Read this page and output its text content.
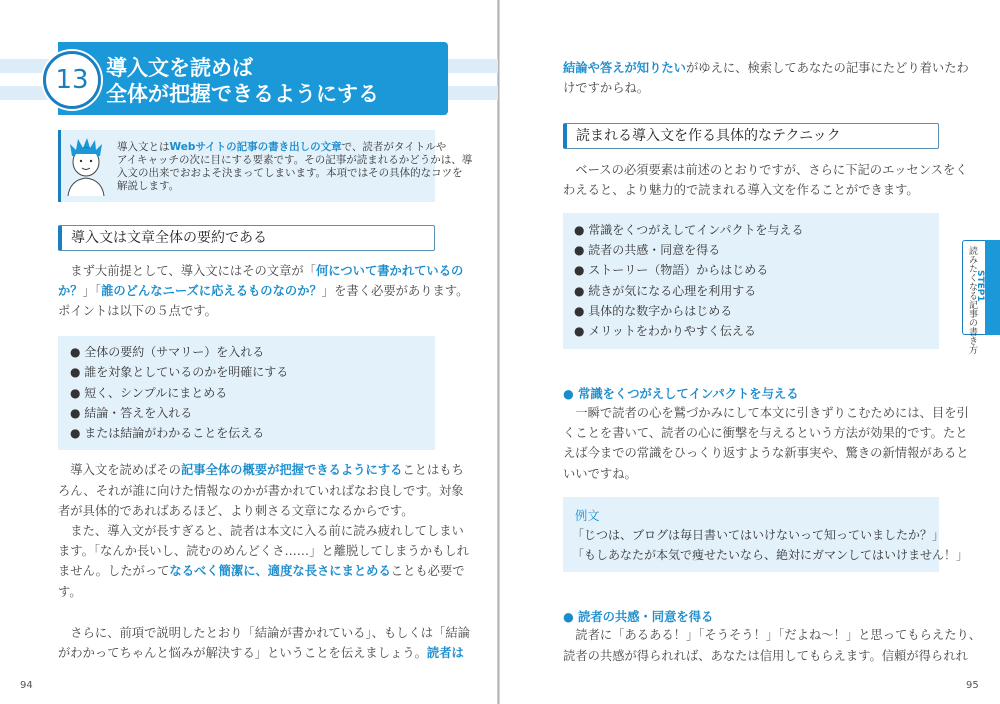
13 導入文を読めば
全体が把握できるようにする
導入文とはWebサイトの記事の書き出しの文章で、読者がタイトルや
アイキャッチの次に目にする要素です。その記事が読まれるかどうかは、導
入文の出来でおおよそ決まってしまいます。本項ではその具体的なコツを
解説します。
導入文は文章全体の要約である
　まず大前提として、導入文にはその文章が「何について書かれているの
か？」「誰のどんなニーズに応えるものなのか？」を書く必要があります。
ポイントは以下の５点です。
● 全体の要約（サマリー）を入れる
● 誰を対象としているのかを明確にする
● 短く、シンプルにまとめる
● 結論・答えを入れる
● または結論がわかることを伝える
　導入文を読めばその記事全体の概要が把握できるようにすることはもち
ろん、それが誰に向けた情報なのかが書かれていればなお良しです。対象
者が具体的であればあるほど、より刺さる文章になるからです。
　また、導入文が長すぎると、読者は本文に入る前に読み疲れしてしまい
ます。「なんか長いし、読むのめんどくさ……」と離脱してしまうかもしれ
ません。したがってなるべく簡潔に、適度な長さにまとめることも必要で
す。
　さらに、前項で説明したとおり「結論が書かれている」、もしくは「結論
がわかってちゃんと悩みが解決する」ということを伝えましょう。読者は
94
結論や答えが知りたいがゆえに、検索してあなたの記事にたどり着いたわ
けですからね。
読まれる導入文を作る具体的なテクニック
　ベースの必須要素は前述のとおりですが、さらに下記のエッセンスをく
わえると、より魅力的で読まれる導入文を作ることができます。
● 常識をくつがえしてインパクトを与える
● 読者の共感・同意を得る
● ストーリー（物語）からはじめる
● 続きが気になる心理を利用する
● 具体的な数字からはじめる
● メリットをわかりやすく伝える
● 常識をくつがえしてインパクトを与える
　一瞬で読者の心を鷲づかみにして本文に引きずりこむためには、目を引
くことを書いて、読者の心に衝撃を与えるという方法が効果的です。たと
えば今までの常識をひっくり返すような新事実や、驚きの新情報があると
いいですね。
例文
「じつは、ブログは毎日書いてはいけないって知っていましたか？」
「もしあなたが本気で痩せたいなら、絶対にガマンしてはいけません！」
● 読者の共感・同意を得る
　読者に「あるある！」「そうそう！」「だよね〜！」と思ってもらえたり、
読者の共感が得られれば、あなたは信用してもらえます。信頼が得られれ
読みたくなる記事の書き方
STEP1
95
